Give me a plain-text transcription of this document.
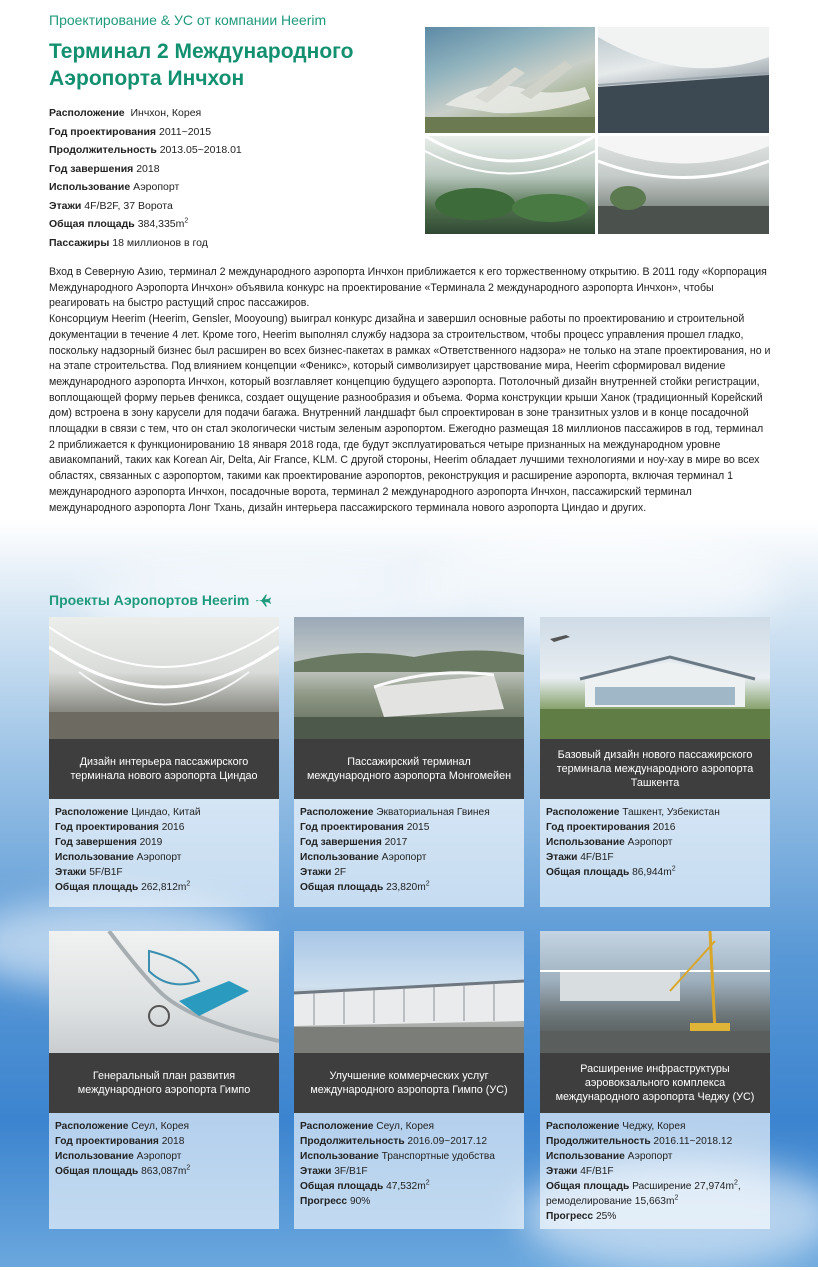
Проектирование & УС от компании Heerim
Терминал 2 Международного
Аэропорта Инчхон
Расположение Инчхон, Корея
Год проектирования 2011~2015
Продолжительность 2013.05~2018.01
Год завершения 2018
Использование Аэропорт
Этажи 4F/B2F, 37 Ворота
Общая площадь $384,335m^2$
Пассажиры 18 миллионов в год

Вход в Северную Азию, терминал 2 международного аэропорта Инчхон приближается к его торжественному открытию. В 2011 году «Корпорация Международного Аэропорта Инчхон» объявила конкурс на проектирование «Терминала 2 международного аэропорта Инчхон», чтобы реагировать на быстро растущий спрос пассажиров.

Консорциум Heerim (Heerim, Gensler, Mooyoung) выиграл конкурс дизайна и завершил основные работы по проектированию и строительной документации в течение 4 лет. Кроме того, Heerim выполнял службу надзора за строительством, чтобы процесс управления прошел гладко, поскольку надзорный бизнес был расширен во всех бизнес-пакетах в рамках «Ответственного надзора» не только на этапе проектирования, но и на этапе строительства. Под влиянием концепции «Феникс», который символизирует царствование мира, Heerim сформировал видение международного аэропорта Инчхон, который возглавляет концепцию будущего аэропорта. Потолочный дизайн внутренней стойки регистрации, воплощающей форму перьев феникса, создает ощущение разнообразия и объема. Форма конструкции крыши Ханок (традиционный Корейский дом) встроена в зону карусели для подачи багажа. Внутренний ландшафт был спроектирован в зоне транзитных узлов и в конце посадочной площадки в связи с тем, что он стал экологически чистым зеленым аэропортом. Ежегодно размещая 18 миллионов пассажиров в год, терминал 2 приближается к функционированию 18 января 2018 года, где будут эксплуатироваться четыре признанных на международном уровне авиакомпаний, таких как Korean Air, Delta, Air France, KLM. С другой стороны, Heerim обладает лучшими технологиями и ноу-хау в мире во всех областях, связанных с аэропортом, такими как проектирование аэропортов, реконструкция и расширение аэропорта, включая терминал 1 международного аэропорта Инчхон, посадочные ворота, терминал 2 международного аэропорта Инчхон, пассажирский терминал международного аэропорта Лонг Тхань, дизайн интерьера пассажирского терминала нового аэропорта Циндао и других.

Проекты Аэропортов Heerim
Дизайн интерьера пассажирского терминала нового аэропорта Циндао
Расположение Циндао, Китай
Год проектирования 2016
Год завершения 2019
Использование Аэропорт
Этажи 5F/B1F
Общая площадь $262,812m^2$
Пассажирский терминал международного аэропорта Монгомейен
Расположение Экваториальная Гвинея
Год проектирования 2015
Год завершения 2017
Использование Аэропорт
Этажи 2F
Общая площадь $23,820m^2$
Базовый дизайн нового пассажирского терминала международного аэропорта Ташкента
Расположение Ташкент, Узбекистан
Год проектирования 2016
Использование Аэропорт
Этажи 4F/B1F
Общая площадь $86,944m^2$
Генеральный план развития международного аэропорта Гимпо
Расположение Сеул, Корея
Год проектирования 2018
Использование Аэропорт
Общая площадь $863,087m^2$
Улучшение коммерческих услуг международного аэропорта Гимпо (УС)
Расположение Сеул, Корея
Продолжительность 2016.09~2017.12
Использование Транспортные удобства
Этажи 3F/B1F
Общая площадь $47,532m^2$
Прогресс 90%
Расширение инфраструктуры аэровокзального комплекса международного аэропорта Чеджу (УС)
Расположение Чеджу, Корея
Продолжительность 2016.11~2018.12
Использование Аэропорт
Этажи 4F/B1F
Общая площадь Расширение $27,974m^2$,
ремоделирование $15,663m^2$
Прогресс 25%
